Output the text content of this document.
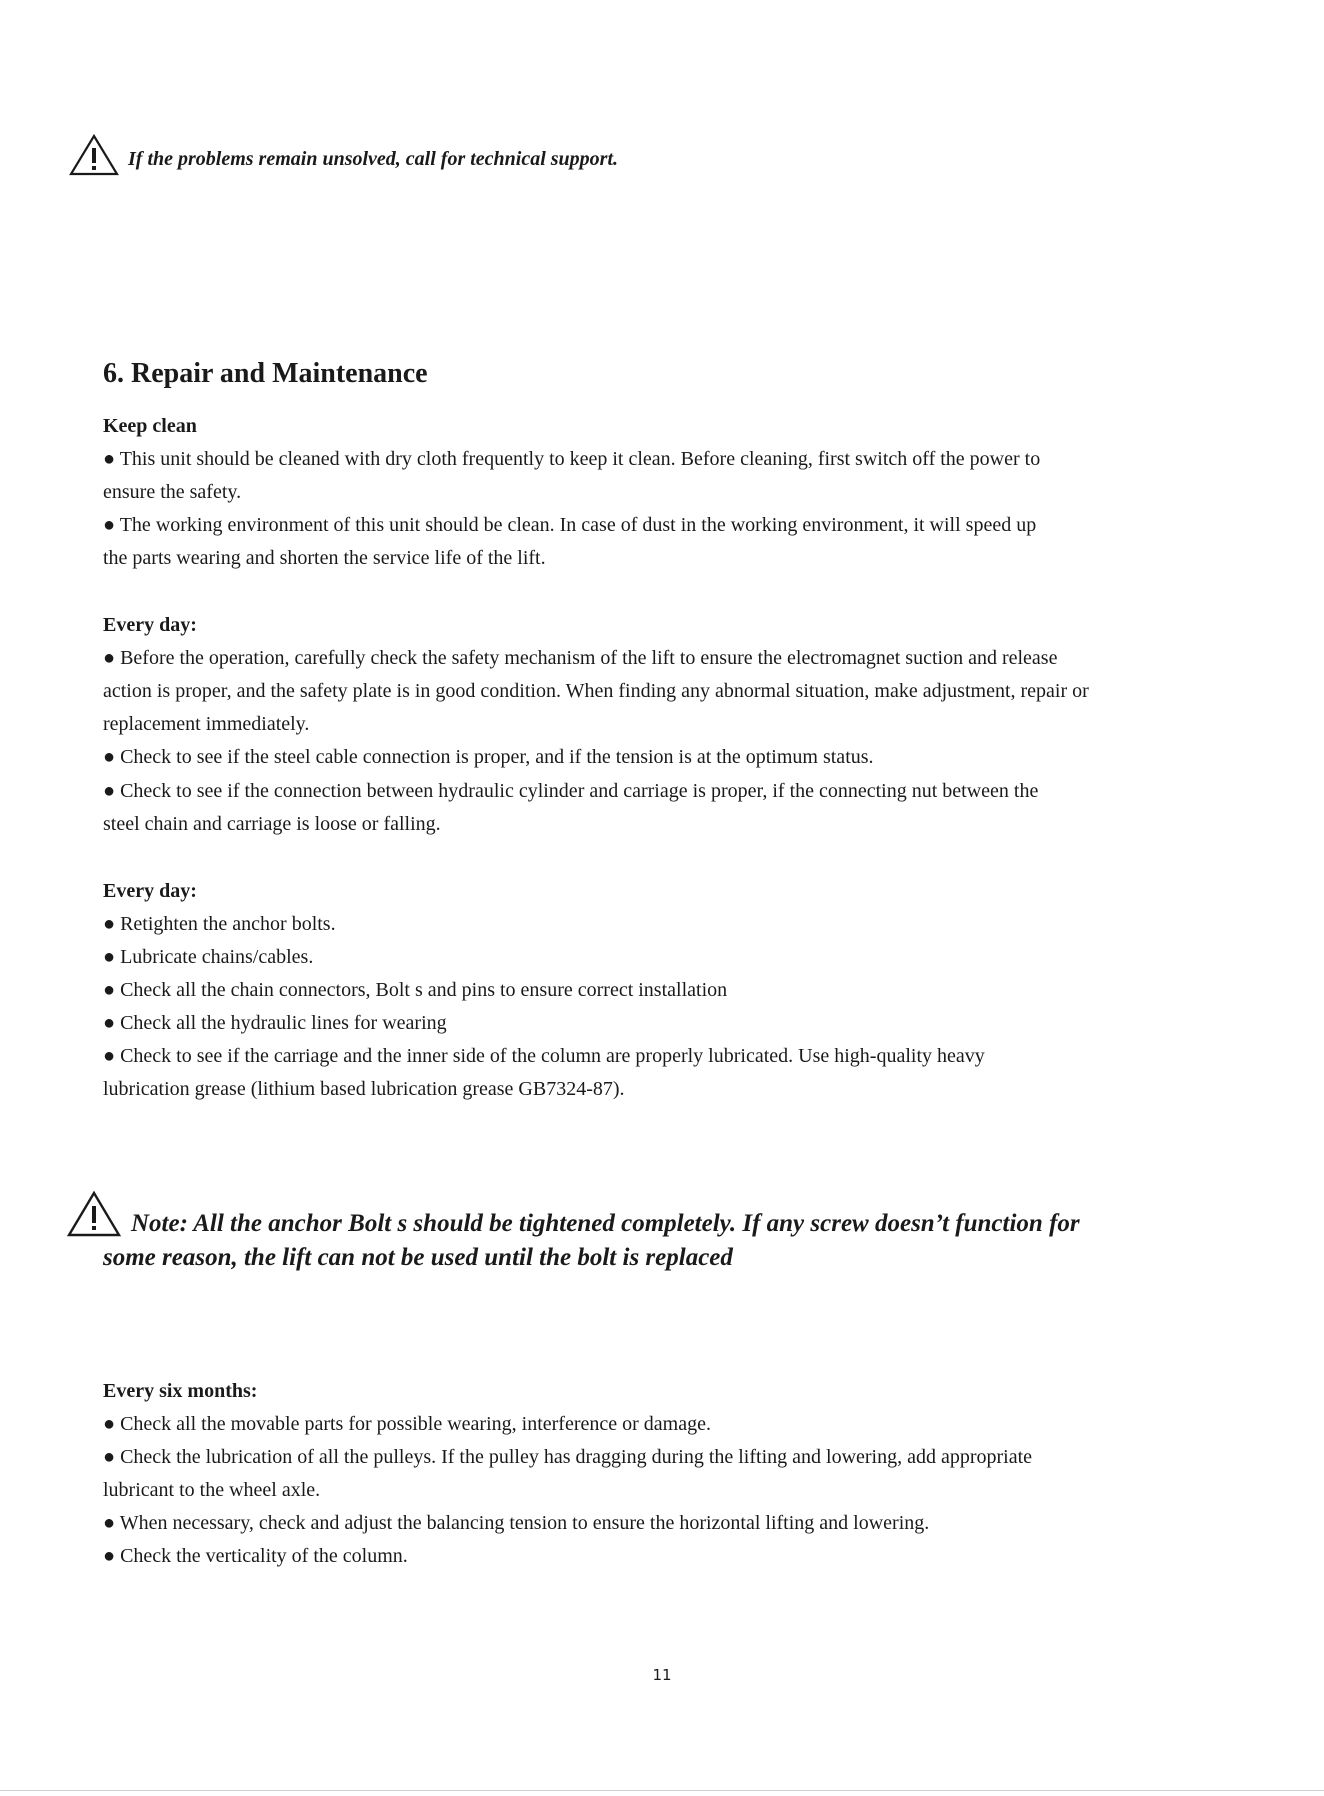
If the problems remain unsolved, call for technical support.
6. Repair and Maintenance
Keep clean
● This unit should be cleaned with dry cloth frequently to keep it clean. Before cleaning, first switch off the power to
ensure the safety.
● The working environment of this unit should be clean. In case of dust in the working environment, it will speed up
the parts wearing and shorten the service life of the lift.
Every day:
● Before the operation, carefully check the safety mechanism of the lift to ensure the electromagnet suction and release
action is proper, and the safety plate is in good condition. When finding any abnormal situation, make adjustment, repair or
replacement immediately.
● Check to see if the steel cable connection is proper, and if the tension is at the optimum status.
● Check to see if the connection between hydraulic cylinder and carriage is proper, if the connecting nut between the
steel chain and carriage is loose or falling.
Every day:
● Retighten the anchor bolts.
● Lubricate chains/cables.
● Check all the chain connectors, Bolt s and pins to ensure correct installation
● Check all the hydraulic lines for wearing
● Check to see if the carriage and the inner side of the column are properly lubricated. Use high-quality heavy
lubrication grease (lithium based lubrication grease GB7324-87).
Note: All the anchor Bolt s should be tightened completely. If any screw doesn’t function for
some reason, the lift can not be used until the bolt is replaced
Every six months:
● Check all the movable parts for possible wearing, interference or damage.
● Check the lubrication of all the pulleys. If the pulley has dragging during the lifting and lowering, add appropriate
lubricant to the wheel axle.
● When necessary, check and adjust the balancing tension to ensure the horizontal lifting and lowering.
● Check the verticality of the column.
11
